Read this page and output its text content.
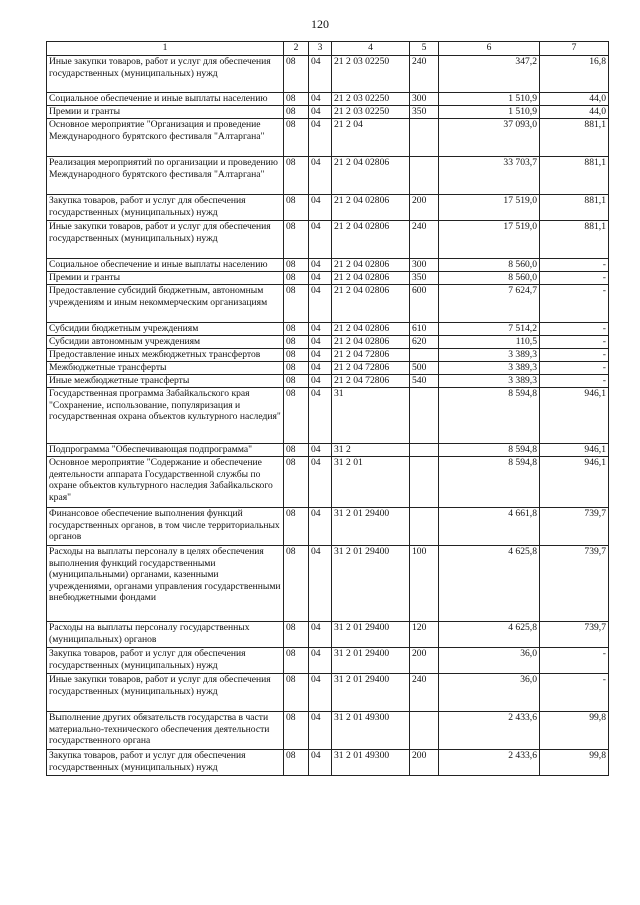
120
1	2	3	4	5	6	7
Иные закупки товаров, работ и услуг для обеспечения государственных (муниципальных) нужд	08	04	21 2 03 02250	240	347,2	16,8
Социальное обеспечение и иные выплаты населению	08	04	21 2 03 02250	300	1 510,9	44,0
Премии и гранты	08	04	21 2 03 02250	350	1 510,9	44,0
Основное мероприятие "Организация и проведение Международного бурятского фестиваля "Алтаргана"	08	04	21 2 04		37 093,0	881,1
Реализация мероприятий по организации и проведению Международного бурятского фестиваля "Алтаргана"	08	04	21 2 04 02806		33 703,7	881,1
Закупка товаров, работ и услуг для обеспечения государственных (муниципальных) нужд	08	04	21 2 04 02806	200	17 519,0	881,1
Иные закупки товаров, работ и услуг для обеспечения государственных (муниципальных) нужд	08	04	21 2 04 02806	240	17 519,0	881,1
Социальное обеспечение и иные выплаты населению	08	04	21 2 04 02806	300	8 560,0	-
Премии и гранты	08	04	21 2 04 02806	350	8 560,0	-
Предоставление субсидий бюджетным, автономным учреждениям и иным некоммерческим организациям	08	04	21 2 04 02806	600	7 624,7	-
Субсидии бюджетным учреждениям	08	04	21 2 04 02806	610	7 514,2	-
Субсидии автономным учреждениям	08	04	21 2 04 02806	620	110,5	-
Предоставление иных межбюджетных трансфертов	08	04	21 2 04 72806		3 389,3	-
Межбюджетные трансферты	08	04	21 2 04 72806	500	3 389,3	-
Иные межбюджетные трансферты	08	04	21 2 04 72806	540	3 389,3	-
Государственная программа Забайкальского края "Сохранение, использование, популяризация и государственная охрана объектов культурного наследия"	08	04	31		8 594,8	946,1
Подпрограмма "Обеспечивающая подпрограмма"	08	04	31 2		8 594,8	946,1
Основное мероприятие "Содержание и обеспечение деятельности аппарата Государственной службы по охране объектов культурного наследия Забайкальского края"	08	04	31 2 01		8 594,8	946,1
Финансовое обеспечение выполнения функций государственных органов, в том числе территориальных органов	08	04	31 2 01 29400		4 661,8	739,7
Расходы на выплаты персоналу в целях обеспечения выполнения функций государственными (муниципальными) органами, казенными учреждениями, органами управления государственными внебюджетными фондами	08	04	31 2 01 29400	100	4 625,8	739,7
Расходы на выплаты персоналу государственных (муниципальных) органов	08	04	31 2 01 29400	120	4 625,8	739,7
Закупка товаров, работ и услуг для обеспечения государственных (муниципальных) нужд	08	04	31 2 01 29400	200	36,0	-
Иные закупки товаров, работ и услуг для обеспечения государственных (муниципальных) нужд	08	04	31 2 01 29400	240	36,0	-
Выполнение других обязательств государства в части материально-технического обеспечения деятельности государственного органа	08	04	31 2 01 49300		2 433,6	99,8
Закупка товаров, работ и услуг для обеспечения государственных (муниципальных) нужд	08	04	31 2 01 49300	200	2 433,6	99,8
